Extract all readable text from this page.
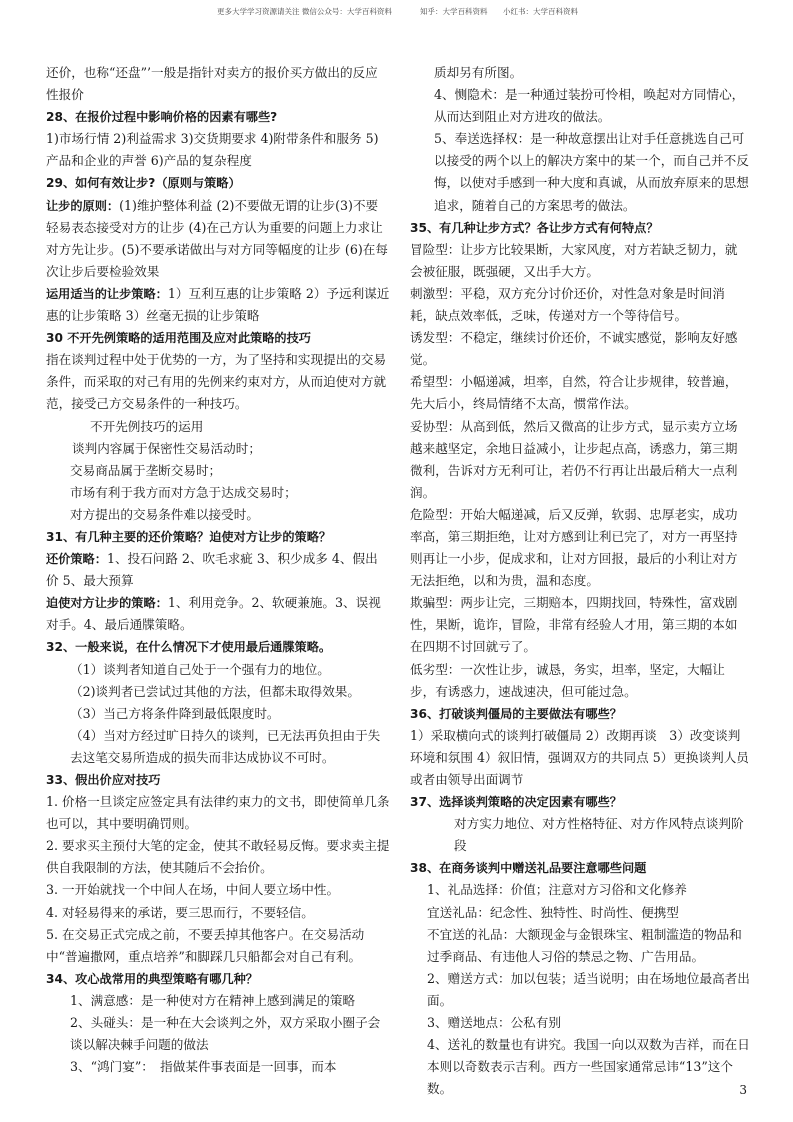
更多大学学习资源请关注 微信公众号：大学百科资料	知乎：大学百科资料 小红书：大学百科资料
还价，也称“还盘”’一般是指针对卖方的报价买方做出的反应性报价
28、在报价过程中影响价格的因素有哪些?
1)市场行情 2)利益需求 3)交货期要求 4)附带条件和服务 5)产品和企业的声誉 6)产品的复杂程度
29、如何有效让步?（原则与策略）
让步的原则：(1)维护整体利益 (2)不要做无谓的让步(3)不要轻易表态接受对方的让步 (4)在己方认为重要的问题上力求让对方先让步。(5)不要承诺做出与对方同等幅度的让步 (6)在每次让步后要检验效果
运用适当的让步策略：1）互利互惠的让步策略 2）予远利谋近惠的让步策略 3）丝毫无损的让步策略
30 不开先例策略的适用范围及应对此策略的技巧
指在谈判过程中处于优势的一方，为了坚持和实现提出的交易条件，而采取的对己有用的先例来约束对方，从而迫使对方就范，接受己方交易条件的一种技巧。
不开先例技巧的运用
谈判内容属于保密性交易活动时；
交易商品属于垄断交易时；
市场有利于我方而对方急于达成交易时；
对方提出的交易条件难以接受时。
31、有几种主要的还价策略？迫使对方让步的策略？
还价策略：1、投石问路 2、吹毛求疵 3、积少成多 4、假出价 5、最大预算
迫使对方让步的策略：1、利用竞争。2、软硬兼施。3、误视对手。4、最后通牒策略。
32、一般来说，在什么情况下才使用最后通牒策略。
（1）谈判者知道自己处于一个强有力的地位。
（2)谈判者已尝试过其他的方法，但都未取得效果。
（3）当己方将条件降到最低限度时。
（4）当对方经过旷日持久的谈判，已无法再负担由于失去这笔交易所造成的损失而非达成协议不可时。
33、假出价应对技巧
1. 价格一旦谈定应签定具有法律约束力的文书，即使简单几条也可以，其中要明确罚则。
2. 要求买主预付大笔的定金，使其不敢轻易反悔。要求卖主提供自我限制的方法，使其随后不会抬价。
3. 一开始就找一个中间人在场，中间人要立场中性。
4. 对轻易得来的承诺，要三思而行，不要轻信。
5. 在交易正式完成之前，不要丢掉其他客户。在交易活动中“普遍撒网，重点培养”和脚踩几只船都会对自己有利。
34、攻心战常用的典型策略有哪几种？
1、满意感：是一种使对方在精神上感到满足的策略
2、头碰头：是一种在大会谈判之外，双方采取小圈子会谈以解决棘手问题的做法
3、“鸿门宴”：　指做某件事表面是一回事，而本
质却另有所图。
4、恻隐术：是一种通过装扮可怜相，唤起对方同情心，从而达到阻止对方进攻的做法。
5、奉送选择权：是一种故意摆出让对手任意挑选自己可以接受的两个以上的解决方案中的某一个，而自己并不反悔，以使对手感到一种大度和真诚，从而放弃原来的思想追求，随着自己的方案思考的做法。
35、有几种让步方式？各让步方式有何特点？
冒险型：让步方比较果断，大家风度，对方若缺乏韧力，就会被征服，既强硬，又出手大方。
刺激型：平稳，双方充分讨价还价，对性急对象是时间消耗，缺点效率低，乏味，传递对方一个等待信号。
诱发型：不稳定，继续讨价还价，不诚实感觉，影响友好感觉。
希望型：小幅递减，坦率，自然，符合让步规律，较普遍，先大后小，终局情绪不太高，惯常作法。
妥协型：从高到低，然后又微高的让步方式，显示卖方立场越来越坚定，余地日益减小，让步起点高，诱惑力，第三期微利，告诉对方无利可让，若仍不行再让出最后稍大一点利润。
危险型：开始大幅递减，后又反弹，软弱、忠厚老实，成功率高，第三期拒绝，让对方感到让利已完了，对方一再坚持则再让一小步，促成求和，让对方回报，最后的小利让对方无法拒绝，以和为贵，温和态度。
欺骗型：两步让完，三期赔本，四期找回，特殊性，富戏剧性，果断，诡诈，冒险，非常有经验人才用，第三期的本如在四期不讨回就亏了。
低劣型：一次性让步，诚恳，务实，坦率，坚定，大幅让步，有诱惑力，速战速决，但可能过急。
36、打破谈判僵局的主要做法有哪些？
1）采取横向式的谈判打破僵局 2）改期再谈　3）改变谈判环境和氛围 4）叙旧情，强调双方的共同点 5）更换谈判人员或者由领导出面调节
37、选择谈判策略的决定因素有哪些？
对方实力地位、对方性格特征、对方作风特点谈判阶段
38、在商务谈判中赠送礼品要注意哪些问题
1、礼品选择：价值；注意对方习俗和文化修养
宜送礼品：纪念性、独特性、时尚性、便携型
不宜送的礼品：大额现金与金银珠宝、粗制滥造的物品和过季商品、有违他人习俗的禁忌之物、广告用品。
2、赠送方式：加以包装；适当说明；由在场地位最高者出面。
3、赠送地点：公私有别
4、送礼的数量也有讲究。我国一向以双数为吉祥，而在日本则以奇数表示吉利。西方一些国家通常忌讳“13”这个数。	3
